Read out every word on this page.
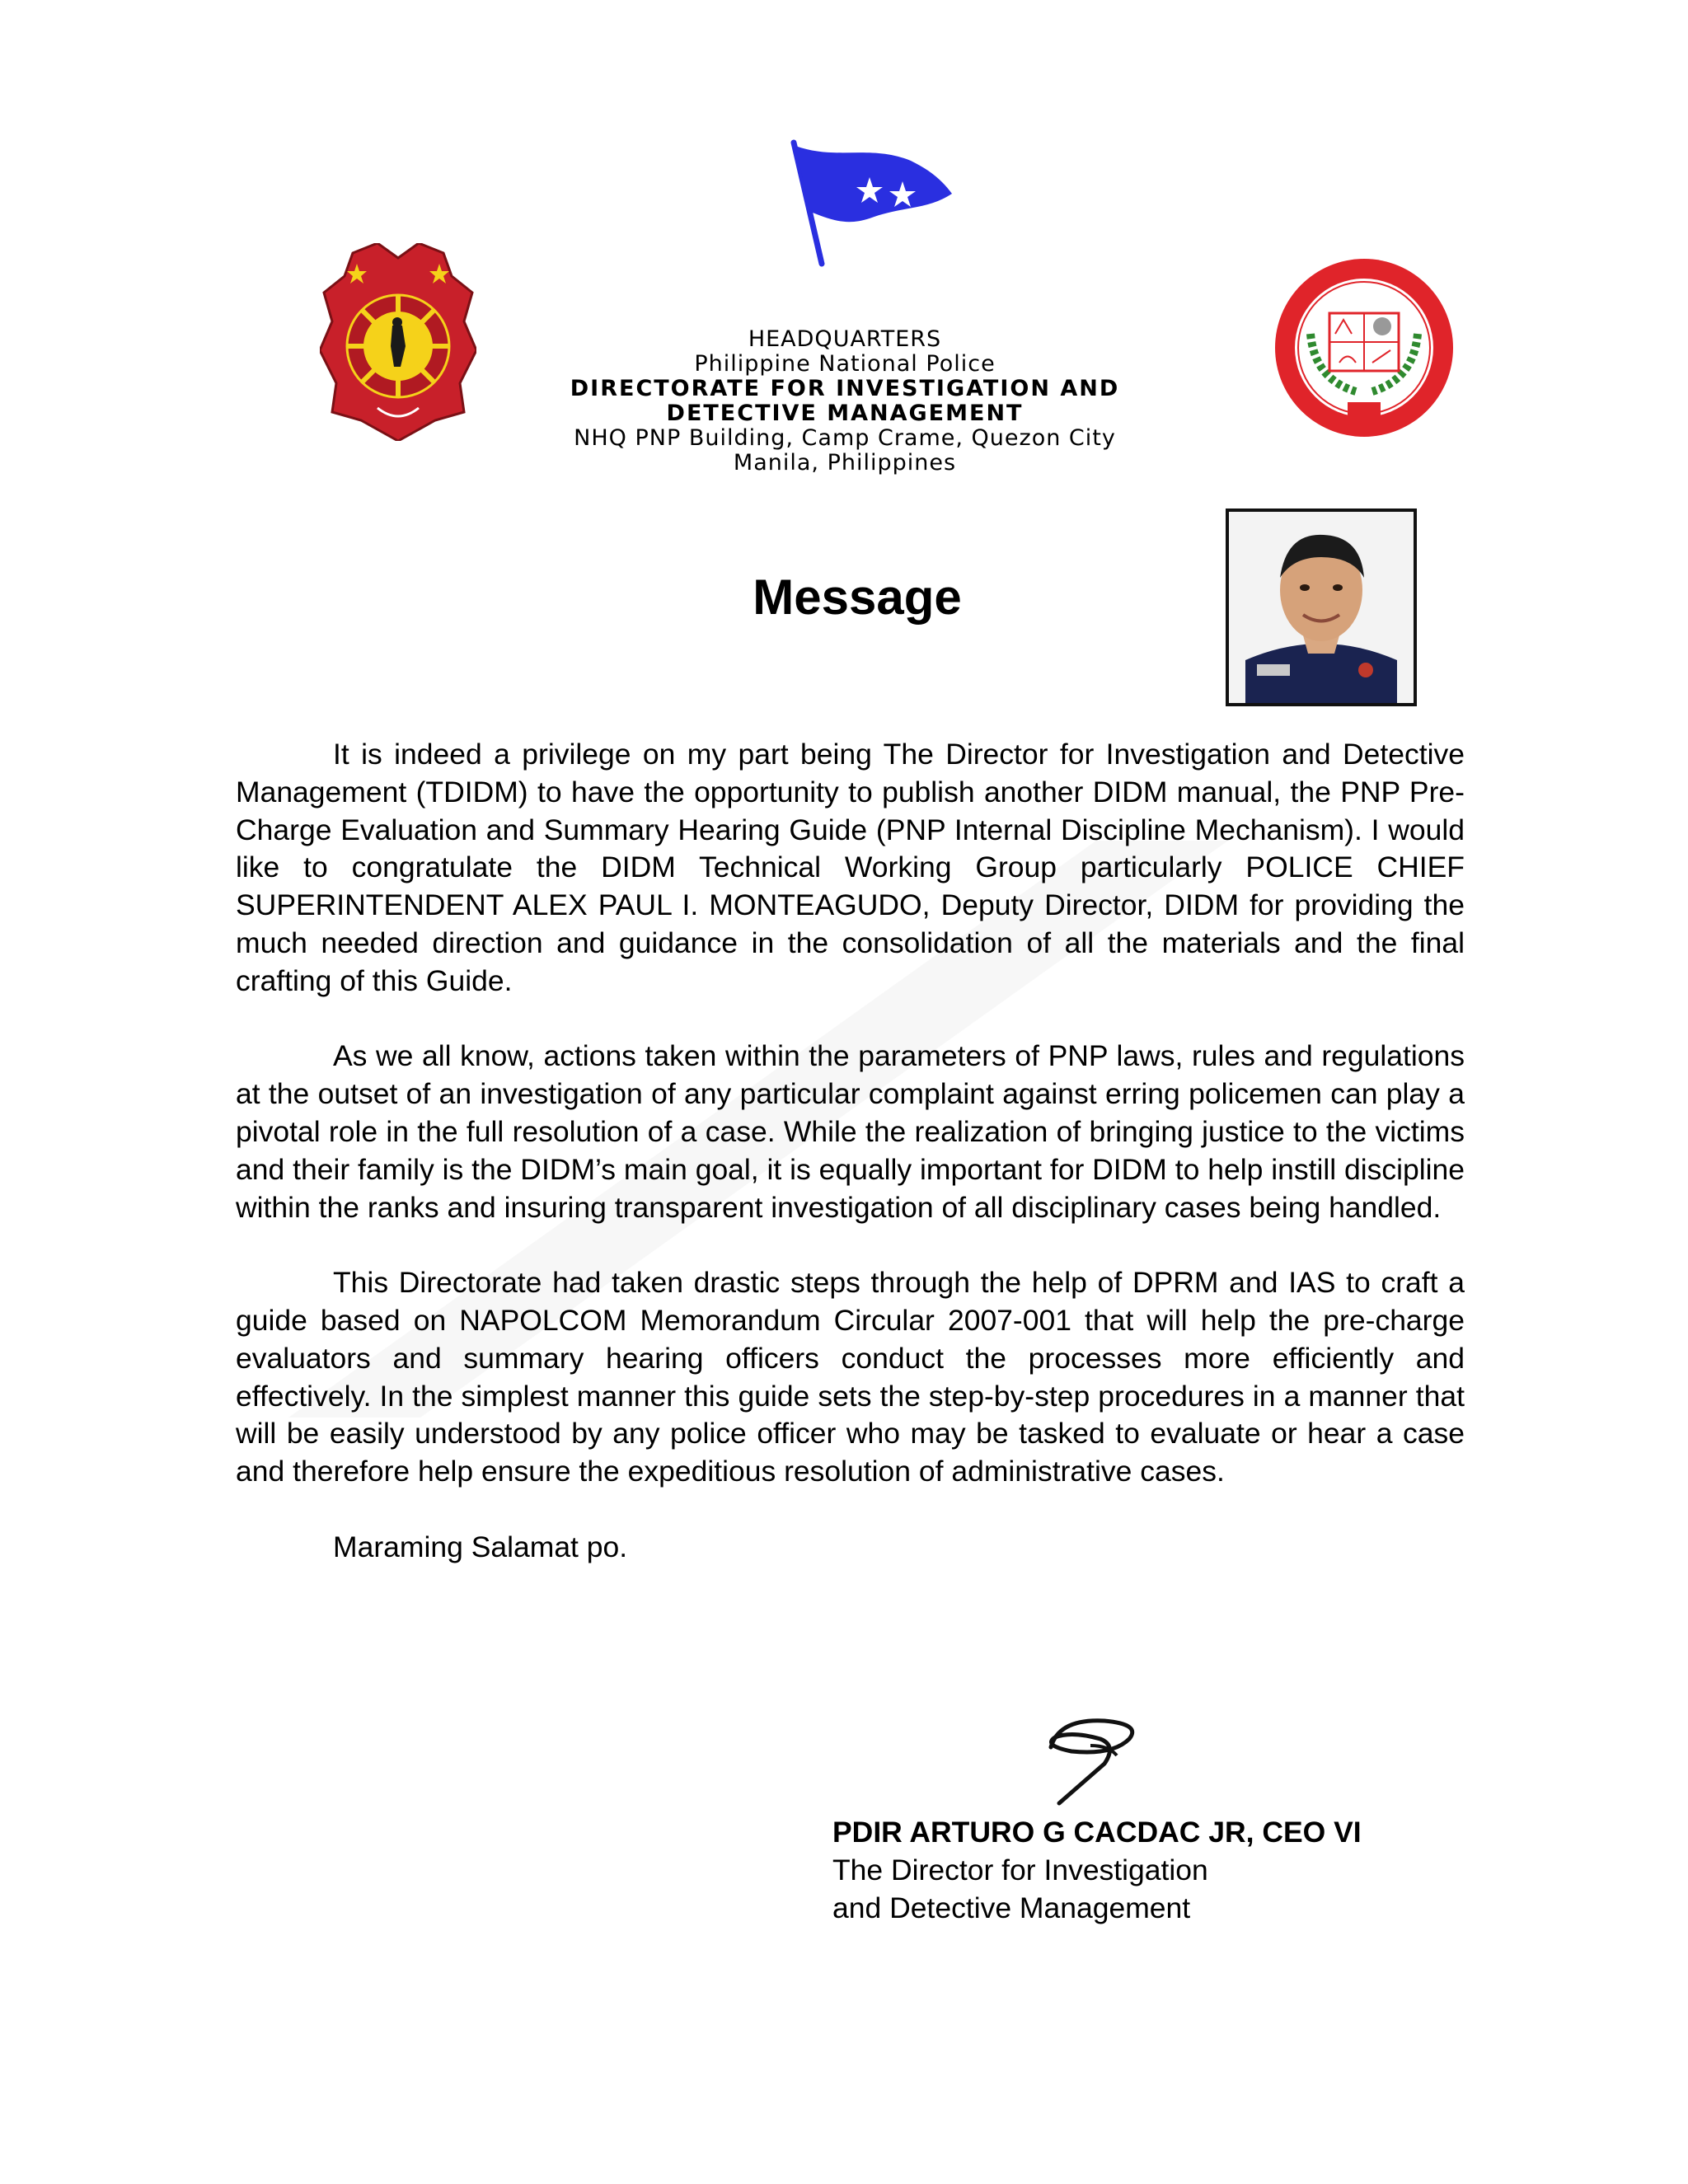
HEADQUARTERS
Philippine National Police
DIRECTORATE FOR INVESTIGATION AND
DETECTIVE MANAGEMENT
NHQ PNP Building, Camp Crame, Quezon City
Manila, Philippines
Message

It is indeed a privilege on my part being The Director for Investigation and Detective Management (TDIDM) to have the opportunity to publish another DIDM manual, the PNP Pre-Charge Evaluation and Summary Hearing Guide (PNP Internal Discipline Mechanism). I would like to congratulate the DIDM Technical Working Group particularly POLICE CHIEF SUPERINTENDENT ALEX PAUL I. MONTEAGUDO, Deputy Director, DIDM for providing the much needed direction and guidance in the consolidation of all the materials and the final crafting of this Guide.

As we all know, actions taken within the parameters of PNP laws, rules and regulations at the outset of an investigation of any particular complaint against erring policemen can play a pivotal role in the full resolution of a case. While the realization of bringing justice to the victims and their family is the DIDM’s main goal, it is equally important for DIDM to help instill discipline within the ranks and insuring transparent investigation of all disciplinary cases being handled.

This Directorate had taken drastic steps through the help of DPRM and IAS to craft a guide based on NAPOLCOM Memorandum Circular 2007-001 that will help the pre-charge evaluators and summary hearing officers conduct the processes more efficiently and effectively. In the simplest manner this guide sets the step-by-step procedures in a manner that will be easily understood by any police officer who may be tasked to evaluate or hear a case and therefore help ensure the expeditious resolution of administrative cases.

Maraming Salamat po.

PDIR ARTURO G CACDAC JR, CEO VI
The Director for Investigation
and Detective Management
